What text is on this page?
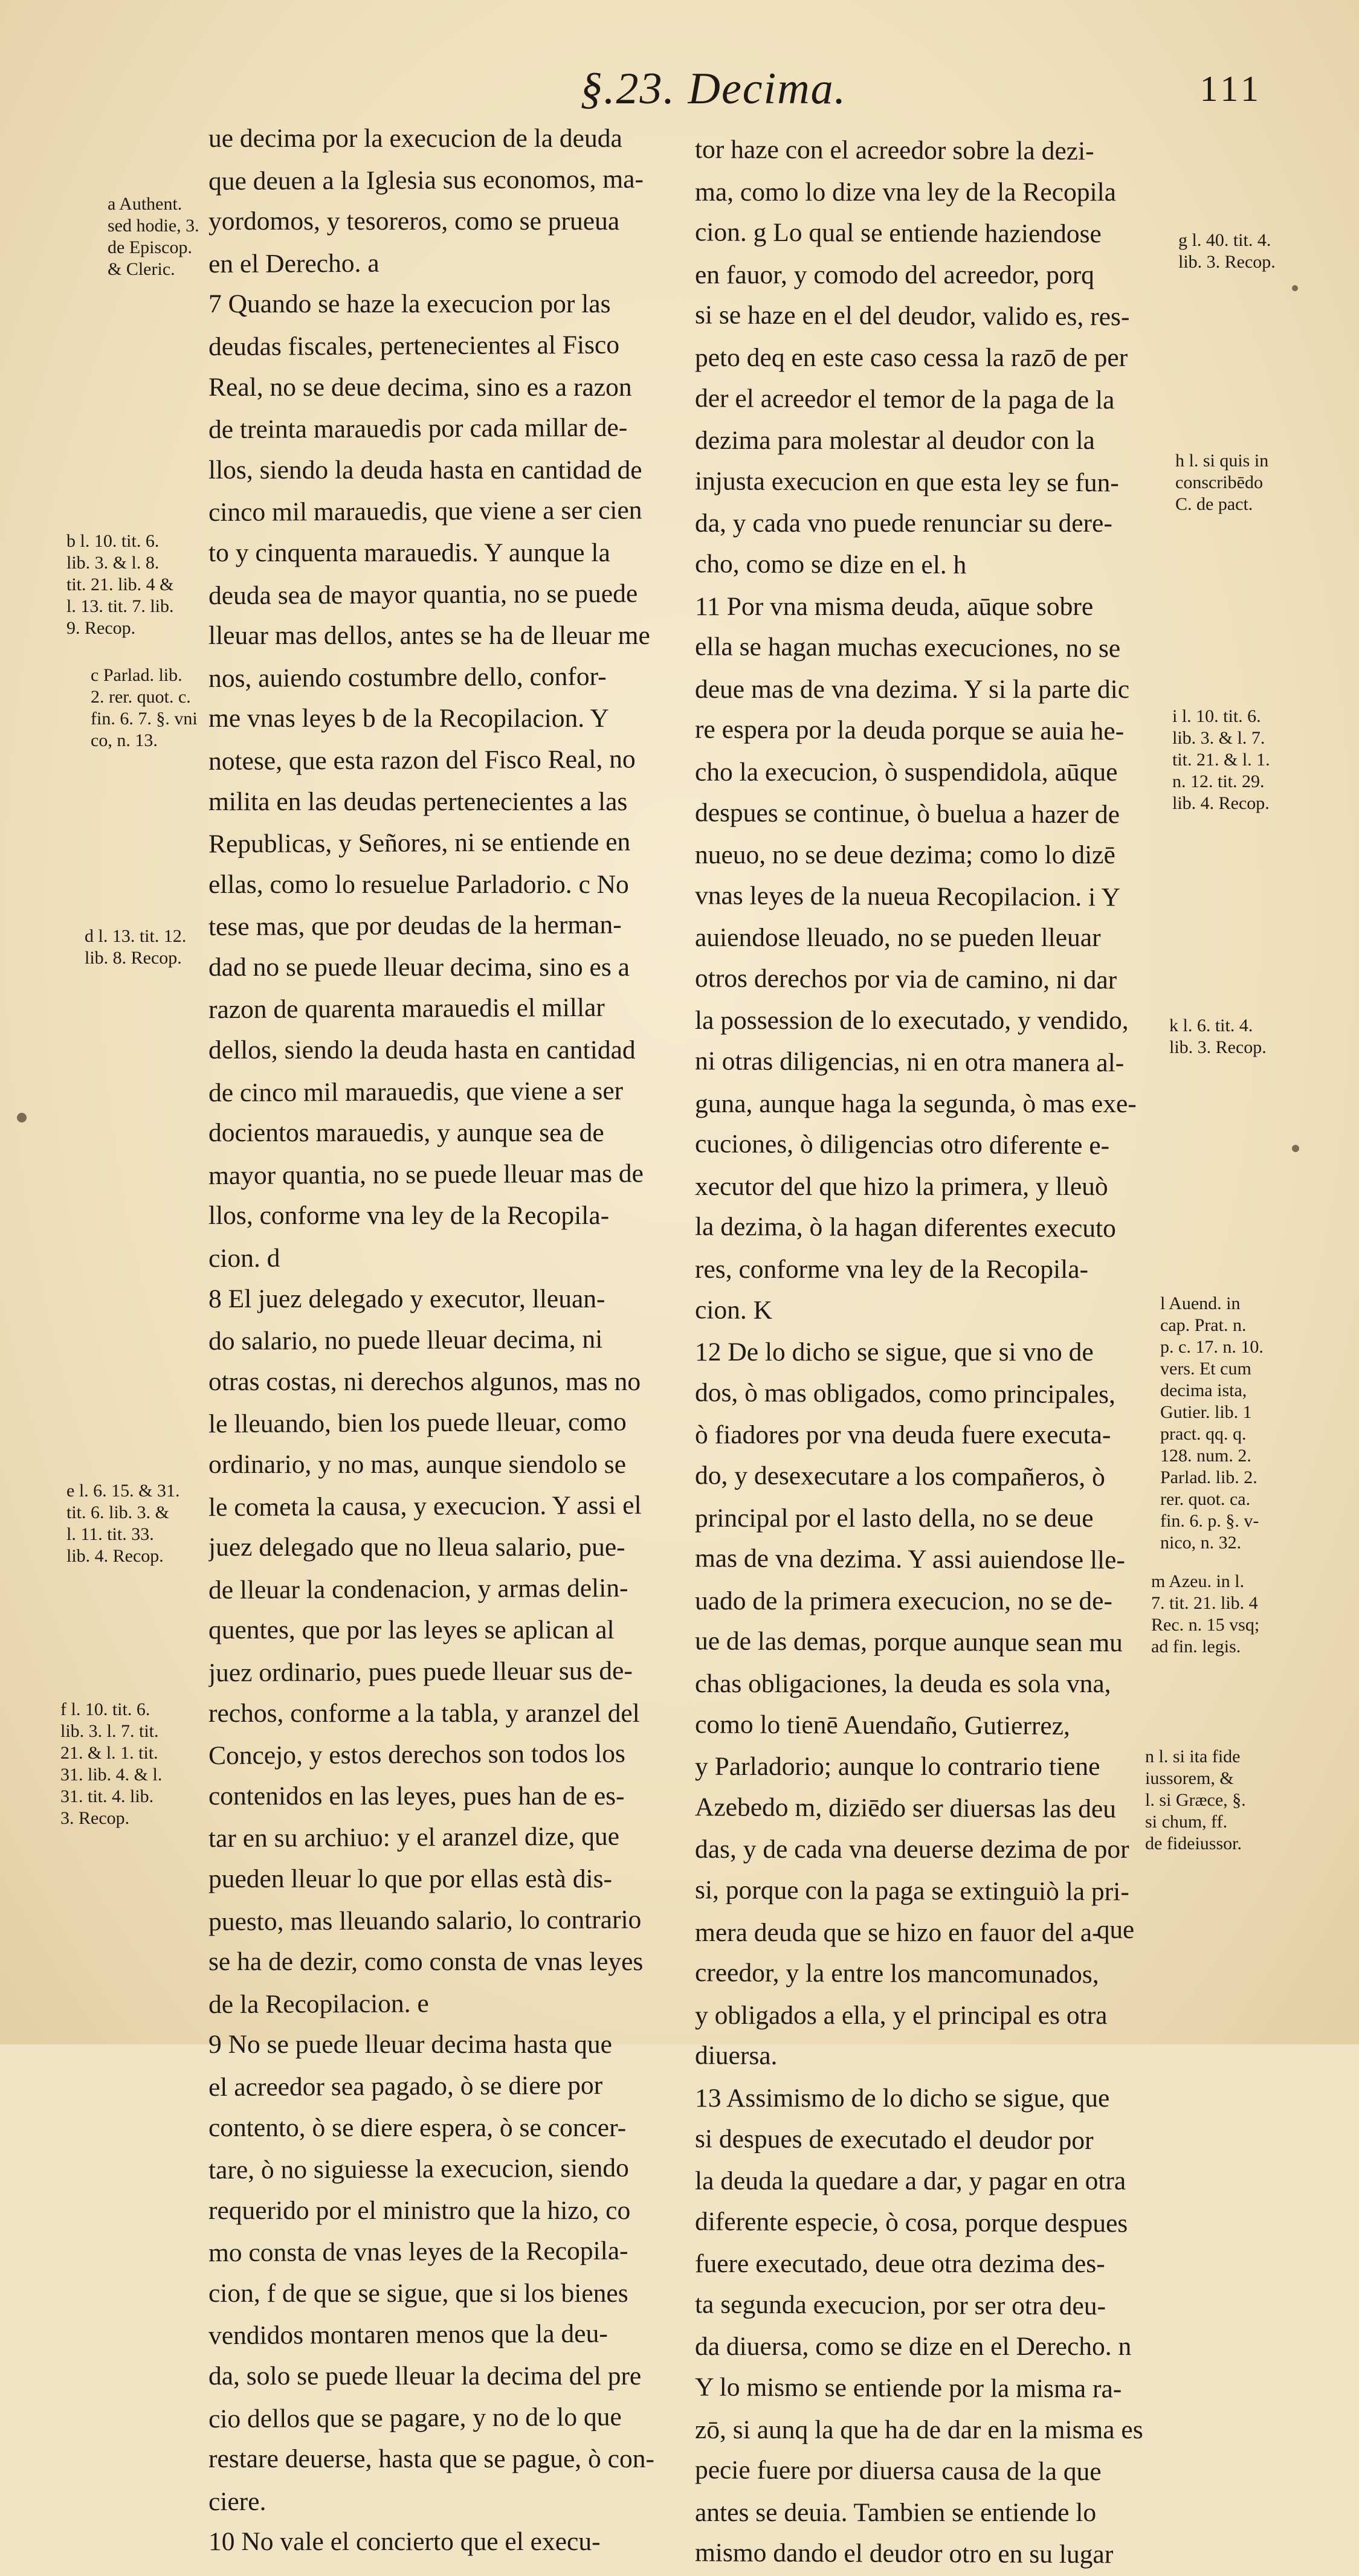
§.23. Decima.	111
ue decima por la execucion de la deuda
que deuen a la Iglesia sus economos, ma-
yordomos, y tesoreros, como se prueua
en el Derecho. a
7 Quando se haze la execucion por las
deudas fiscales, pertenecientes al Fisco
Real, no se deue decima, sino es a razon
de treinta marauedis por cada millar de-
llos, siendo la deuda hasta en cantidad de
cinco mil marauedis, que viene a ser cien
to y cinquenta marauedis. Y aunque la
deuda sea de mayor quantia, no se puede
lleuar mas dellos, antes se ha de lleuar me
nos, auiendo costumbre dello, confor-
me vnas leyes b de la Recopilacion. Y
notese, que esta razon del Fisco Real, no
milita en las deudas pertenecientes a las
Republicas, y Señores, ni se entiende en
ellas, como lo resuelue Parladorio. c No
tese mas, que por deudas de la herman-
dad no se puede lleuar decima, sino es a
razon de quarenta marauedis el millar
dellos, siendo la deuda hasta en cantidad
de cinco mil marauedis, que viene a ser
docientos marauedis, y aunque sea de
mayor quantia, no se puede lleuar mas de
llos, conforme vna ley de la Recopila-
cion. d
8 El juez delegado y executor, lleuan-
do salario, no puede lleuar decima, ni
otras costas, ni derechos algunos, mas no
le lleuando, bien los puede lleuar, como
ordinario, y no mas, aunque siendolo se
le cometa la causa, y execucion. Y assi el
juez delegado que no lleua salario, pue-
de lleuar la condenacion, y armas delin-
quentes, que por las leyes se aplican al
juez ordinario, pues puede lleuar sus de-
rechos, conforme a la tabla, y aranzel del
Concejo, y estos derechos son todos los
contenidos en las leyes, pues han de es-
tar en su archiuo: y el aranzel dize, que
pueden lleuar lo que por ellas està dis-
puesto, mas lleuando salario, lo contrario
se ha de dezir, como consta de vnas leyes
de la Recopilacion. e
9 No se puede lleuar decima hasta que
el acreedor sea pagado, ò se diere por
contento, ò se diere espera, ò se concer-
tare, ò no siguiesse la execucion, siendo
requerido por el ministro que la hizo, co
mo consta de vnas leyes de la Recopila-
cion, f de que se sigue, que si los bienes
vendidos montaren menos que la deu-
da, solo se puede lleuar la decima del pre
cio dellos que se pagare, y no de lo que
restare deuerse, hasta que se pague, ò con-
ciere.
10 No vale el concierto que el execu-
tor haze con el acreedor sobre la dezi-
ma, como lo dize vna ley de la Recopila
cion. g Lo qual se entiende haziendose
en fauor, y comodo del acreedor, porq
si se haze en el del deudor, valido es, res-
peto deq en este caso cessa la razō de per
der el acreedor el temor de la paga de la
dezima para molestar al deudor con la
injusta execucion en que esta ley se fun-
da, y cada vno puede renunciar su dere-
cho, como se dize en el. h
11 Por vna misma deuda, aūque sobre
ella se hagan muchas execuciones, no se
deue mas de vna dezima. Y si la parte dic
re espera por la deuda porque se auia he-
cho la execucion, ò suspendidola, aūque
despues se continue, ò buelua a hazer de
nueuo, no se deue dezima; como lo dizē
vnas leyes de la nueua Recopilacion. i Y
auiendose lleuado, no se pueden lleuar
otros derechos por via de camino, ni dar
la possession de lo executado, y vendido,
ni otras diligencias, ni en otra manera al-
guna, aunque haga la segunda, ò mas exe-
cuciones, ò diligencias otro diferente e-
xecutor del que hizo la primera, y lleuò
la dezima, ò la hagan diferentes executo
res, conforme vna ley de la Recopila-
cion. K
12 De lo dicho se sigue, que si vno de
dos, ò mas obligados, como principales,
ò fiadores por vna deuda fuere executa-
do, y desexecutare a los compañeros, ò
principal por el lasto della, no se deue
mas de vna dezima. Y assi auiendose lle-
uado de la primera execucion, no se de-
ue de las demas, porque aunque sean mu
chas obligaciones, la deuda es sola vna,
como lo tienē Auendaño, Gutierrez,
y Parladorio; aunque lo contrario tiene
Azebedo m, diziēdo ser diuersas las deu
das, y de cada vna deuerse dezima de por
si, porque con la paga se extinguiò la pri-
mera deuda que se hizo en fauor del a-
creedor, y la entre los mancomunados,
y obligados a ella, y el principal es otra
diuersa.
13 Assimismo de lo dicho se sigue, que
si despues de executado el deudor por
la deuda la quedare a dar, y pagar en otra
diferente especie, ò cosa, porque despues
fuere executado, deue otra dezima des-
ta segunda execucion, por ser otra deu-
da diuersa, como se dize en el Derecho. n
Y lo mismo se entiende por la misma ra-
zō, si aunq la que ha de dar en la misma es
pecie fuere por diuersa causa de la que
antes se deuia. Tambien se entiende lo
mismo dando el deudor otro en su lugar
a Authent.
sed hodie, 3.
de Episcop.
& Cleric.
b l. 10. tit. 6.
lib. 3. & l. 8.
tit. 21. lib. 4 &
l. 13. tit. 7. lib.
9. Recop.
c Parlad. lib.
2. rer. quot. c.
fin. 6. 7. §. vni
co, n. 13.
d l. 13. tit. 12.
lib. 8. Recop.
e l. 6. 15. & 31.
tit. 6. lib. 3. &
l. 11. tit. 33.
lib. 4. Recop.
f l. 10. tit. 6.
lib. 3. l. 7. tit.
21. & l. 1. tit.
31. lib. 4. & l.
31. tit. 4. lib.
3. Recop.
g l. 40. tit. 4.
lib. 3. Recop.
h l. si quis in
conscribēdo
C. de pact.
i l. 10. tit. 6.
lib. 3. & l. 7.
tit. 21. & l. 1.
n. 12. tit. 29.
lib. 4. Recop.
k l. 6. tit. 4.
lib. 3. Recop.
l Auend. in
cap. Prat. n.
p. c. 17. n. 10.
vers. Et cum
decima ista,
Gutier. lib. 1
pract. qq. q.
128. num. 2.
Parlad. lib. 2.
rer. quot. ca.
fin. 6. p. §. v-
nico, n. 32.
m Azeu. in l.
7. tit. 21. lib. 4
Rec. n. 15 vsq;
ad fin. legis.
n l. si ita fide
iussorem, &
l. si Græce, §.
si chum, ff.
de fideiussor.
que
